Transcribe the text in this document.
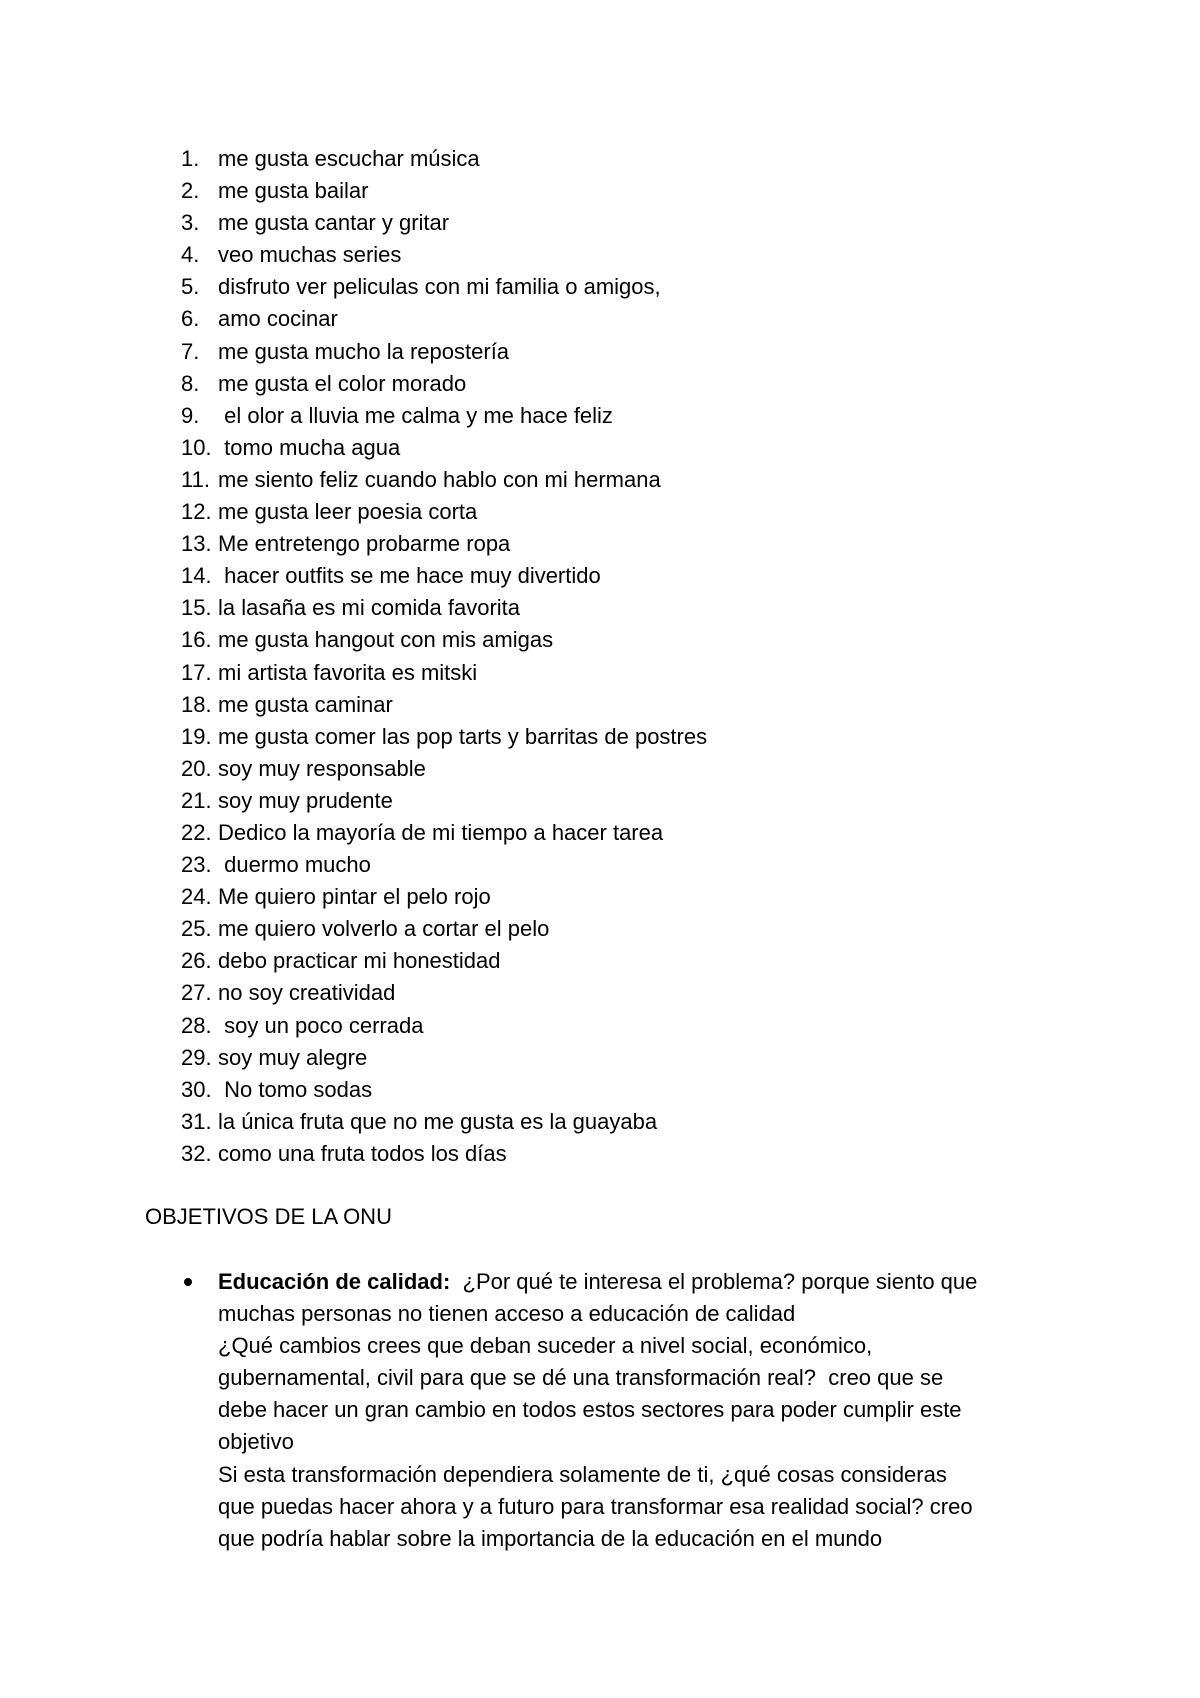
1. me gusta escuchar música
2. me gusta bailar
3. me gusta cantar y gritar
4. veo muchas series
5. disfruto ver peliculas con mi familia o amigos,
6. amo cocinar
7. me gusta mucho la repostería
8. me gusta el color morado
9. el olor a lluvia me calma y me hace feliz
10. tomo mucha agua
11. me siento feliz cuando hablo con mi hermana
12. me gusta leer poesia corta
13. Me entretengo probarme ropa
14. hacer outfits se me hace muy divertido
15. la lasaña es mi comida favorita
16. me gusta hangout con mis amigas
17. mi artista favorita es mitski
18. me gusta caminar
19. me gusta comer las pop tarts y barritas de postres
20. soy muy responsable
21. soy muy prudente
22. Dedico la mayoría de mi tiempo a hacer tarea
23. duermo mucho
24. Me quiero pintar el pelo rojo
25. me quiero volverlo a cortar el pelo
26. debo practicar mi honestidad
27. no soy creatividad
28. soy un poco cerrada
29. soy muy alegre
30. No tomo sodas
31. la única fruta que no me gusta es la guayaba
32. como una fruta todos los días
OBJETIVOS DE LA ONU
Educación de calidad:  ¿Por qué te interesa el problema? porque siento que
muchas personas no tienen acceso a educación de calidad
¿Qué cambios crees que deban suceder a nivel social, económico,
gubernamental, civil para que se dé una transformación real?  creo que se
debe hacer un gran cambio en todos estos sectores para poder cumplir este
objetivo
Si esta transformación dependiera solamente de ti, ¿qué cosas consideras
que puedas hacer ahora y a futuro para transformar esa realidad social? creo
que podría hablar sobre la importancia de la educación en el mundo
